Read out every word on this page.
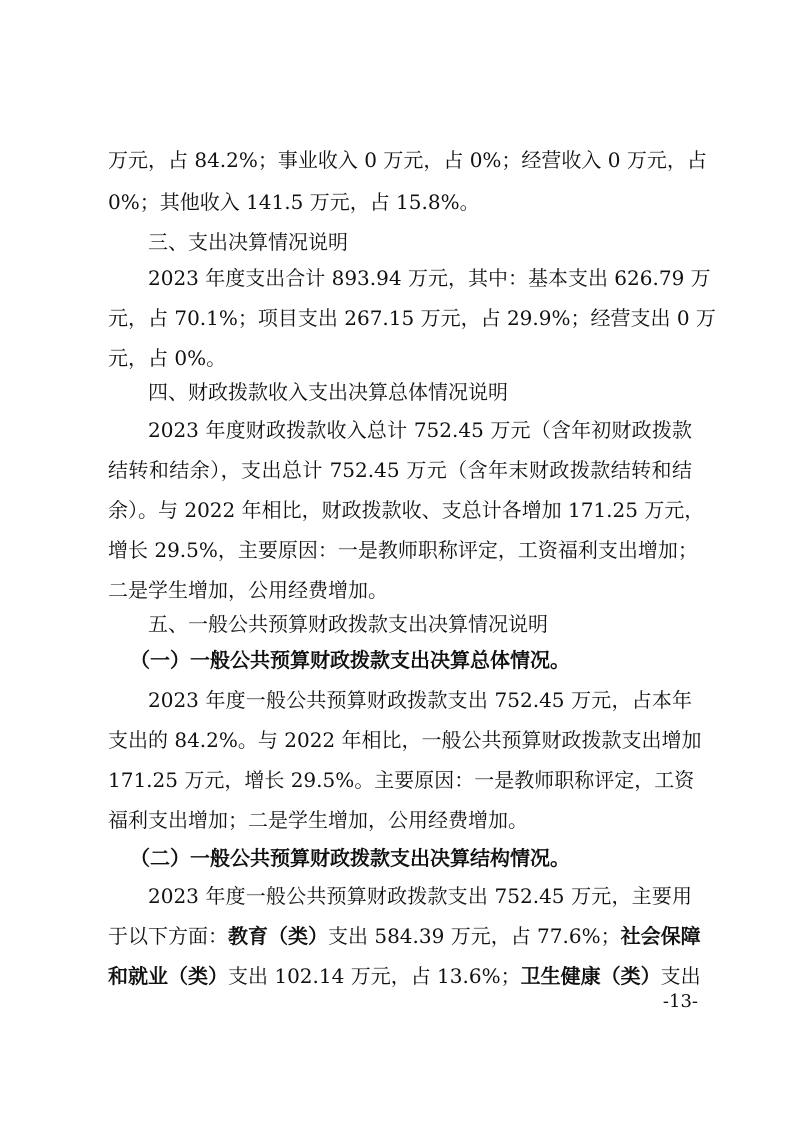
万元，占 84.2%；事业收入 0 万元，占 0%；经营收入 0 万元，占
0%；其他收入 141.5 万元，占 15.8%。
三、支出决算情况说明
2023 年度支出合计 893.94 万元，其中：基本支出 626.79 万
元，占 70.1%；项目支出 267.15 万元，占 29.9%；经营支出 0 万
元，占 0%。
四、财政拨款收入支出决算总体情况说明
2023 年度财政拨款收入总计 752.45 万元（含年初财政拨款
结转和结余），支出总计 752.45 万元（含年末财政拨款结转和结
余）。与 2022 年相比，财政拨款收、支总计各增加 171.25 万元，
增长 29.5%，主要原因：一是教师职称评定，工资福利支出增加；
二是学生增加，公用经费增加。
五、一般公共预算财政拨款支出决算情况说明
（一）一般公共预算财政拨款支出决算总体情况。
2023 年度一般公共预算财政拨款支出 752.45 万元，占本年
支出的 84.2%。与 2022 年相比，一般公共预算财政拨款支出增加
171.25 万元，增长 29.5%。主要原因：一是教师职称评定，工资
福利支出增加；二是学生增加，公用经费增加。
（二）一般公共预算财政拨款支出决算结构情况。
2023 年度一般公共预算财政拨款支出 752.45 万元，主要用
于以下方面：教育（类）支出 584.39 万元，占 77.6%；社会保障
和就业（类）支出 102.14 万元，占 13.6%；卫生健康（类）支出
-13-
